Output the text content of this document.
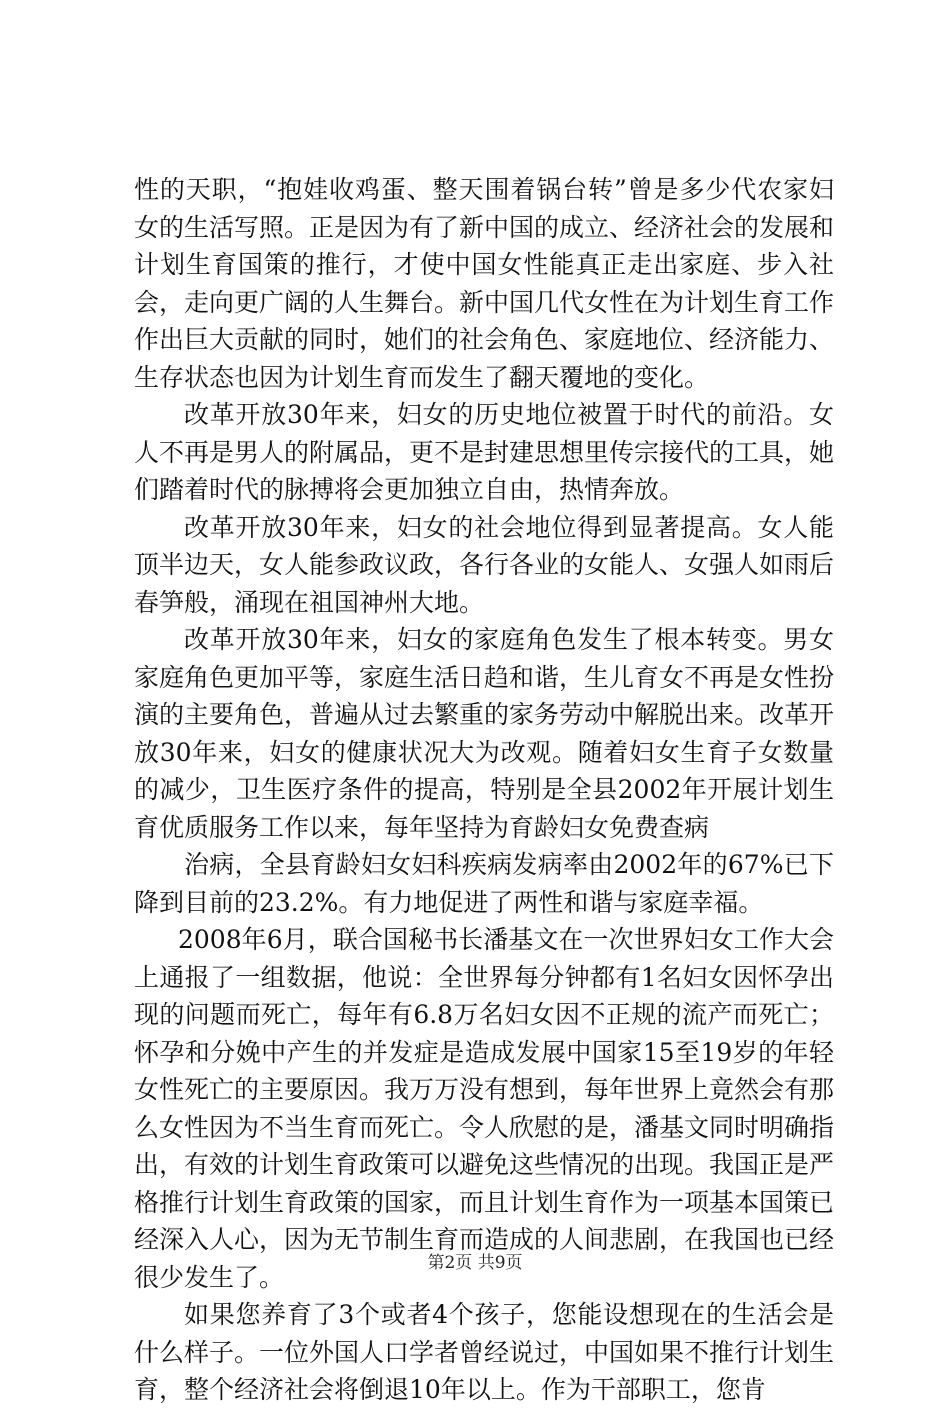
性的天职，“抱娃收鸡蛋、整天围着锅台转”曾是多少代农家妇女的生活写照。正是因为有了新中国的成立、经济社会的发展和计划生育国策的推行，才使中国女性能真正走出家庭、步入社会，走向更广阔的人生舞台。新中国几代女性在为计划生育工作作出巨大贡献的同时，她们的社会角色、家庭地位、经济能力、生存状态也因为计划生育而发生了翻天覆地的变化。

改革开放30年来，妇女的历史地位被置于时代的前沿。女人不再是男人的附属品，更不是封建思想里传宗接代的工具，她们踏着时代的脉搏将会更加独立自由，热情奔放。

改革开放30年来，妇女的社会地位得到显著提高。女人能顶半边天，女人能参政议政，各行各业的女能人、女强人如雨后春笋般，涌现在祖国神州大地。

改革开放30年来，妇女的家庭角色发生了根本转变。男女家庭角色更加平等，家庭生活日趋和谐，生儿育女不再是女性扮演的主要角色，普遍从过去繁重的家务劳动中解脱出来。改革开放30年来，妇女的健康状况大为改观。随着妇女生育子女数量的减少，卫生医疗条件的提高，特别是全县2002年开展计划生育优质服务工作以来，每年坚持为育龄妇女免费查病

治病，全县育龄妇女妇科疾病发病率由2002年的67%已下降到目前的23.2%。有力地促进了两性和谐与家庭幸福。

2008年6月，联合国秘书长潘基文在一次世界妇女工作大会上通报了一组数据，他说：全世界每分钟都有1名妇女因怀孕出现的问题而死亡，每年有6.8万名妇女因不正规的流产而死亡；怀孕和分娩中产生的并发症是造成发展中国家15至19岁的年轻女性死亡的主要原因。我万万没有想到，每年世界上竟然会有那么女性因为不当生育而死亡。令人欣慰的是，潘基文同时明确指出，有效的计划生育政策可以避免这些情况的出现。我国正是严格推行计划生育政策的国家，而且计划生育作为一项基本国策已经深入人心，因为无节制生育而造成的人间悲剧，在我国也已经很少发生了。

如果您养育了3个或者4个孩子，您能设想现在的生活会是什么样子。一位外国人口学者曾经说过，中国如果不推行计划生育，整个经济社会将倒退10年以上。作为干部职工，您肯

第2页 共9页
